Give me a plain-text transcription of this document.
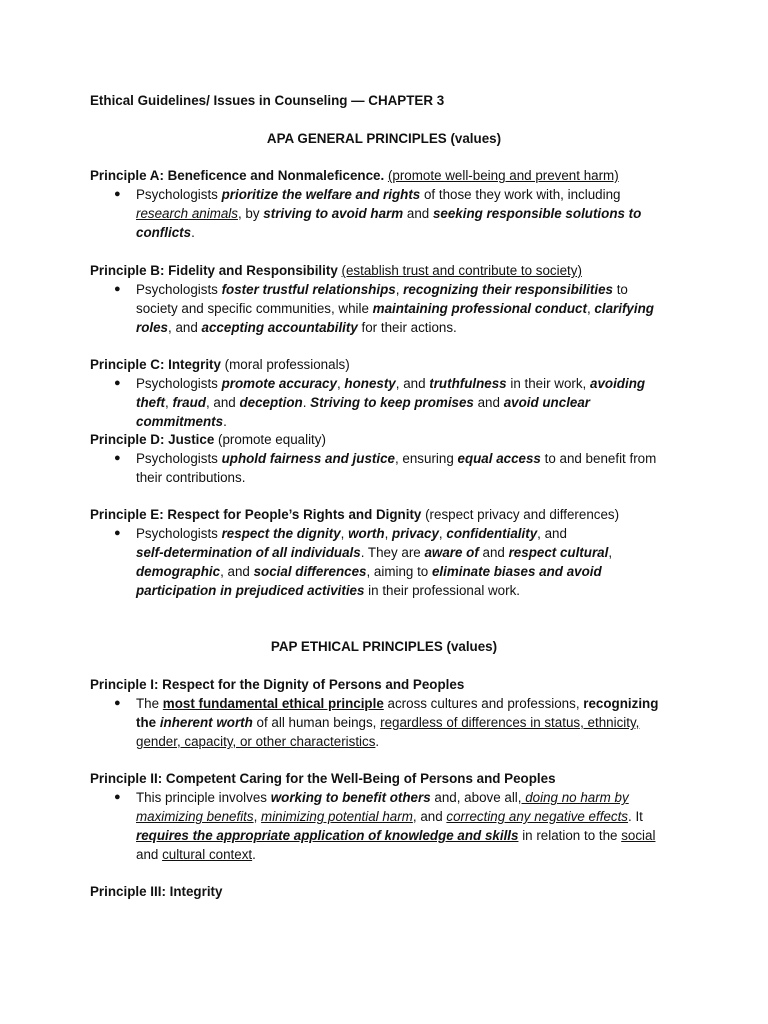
Ethical Guidelines/ Issues in Counseling — CHAPTER 3
APA GENERAL PRINCIPLES (values)
Principle A: Beneficence and Nonmaleficence. (promote well-being and prevent harm)
●	Psychologists prioritize the welfare and rights of those they work with, including
research animals, by striving to avoid harm and seeking responsible solutions to
conflicts.
Principle B: Fidelity and Responsibility (establish trust and contribute to society)
●	Psychologists foster trustful relationships, recognizing their responsibilities to
society and specific communities, while maintaining professional conduct, clarifying
roles, and accepting accountability for their actions.
Principle C: Integrity (moral professionals)
●	Psychologists promote accuracy, honesty, and truthfulness in their work, avoiding
theft, fraud, and deception. Striving to keep promises and avoid unclear
commitments.
Principle D: Justice (promote equality)
●	Psychologists uphold fairness and justice, ensuring equal access to and benefit from
their contributions.
Principle E: Respect for People’s Rights and Dignity (respect privacy and differences)
●	Psychologists respect the dignity, worth, privacy, confidentiality, and
self-determination of all individuals. They are aware of and respect cultural,
demographic, and social differences, aiming to eliminate biases and avoid
participation in prejudiced activities in their professional work.
PAP ETHICAL PRINCIPLES (values)
Principle I: Respect for the Dignity of Persons and Peoples
●	The most fundamental ethical principle across cultures and professions, recognizing
the inherent worth of all human beings, regardless of differences in status, ethnicity,
gender, capacity, or other characteristics.
Principle II: Competent Caring for the Well-Being of Persons and Peoples
●	This principle involves working to benefit others and, above all, doing no harm by
maximizing benefits, minimizing potential harm, and correcting any negative effects. It
requires the appropriate application of knowledge and skills in relation to the social
and cultural context.
Principle III: Integrity
